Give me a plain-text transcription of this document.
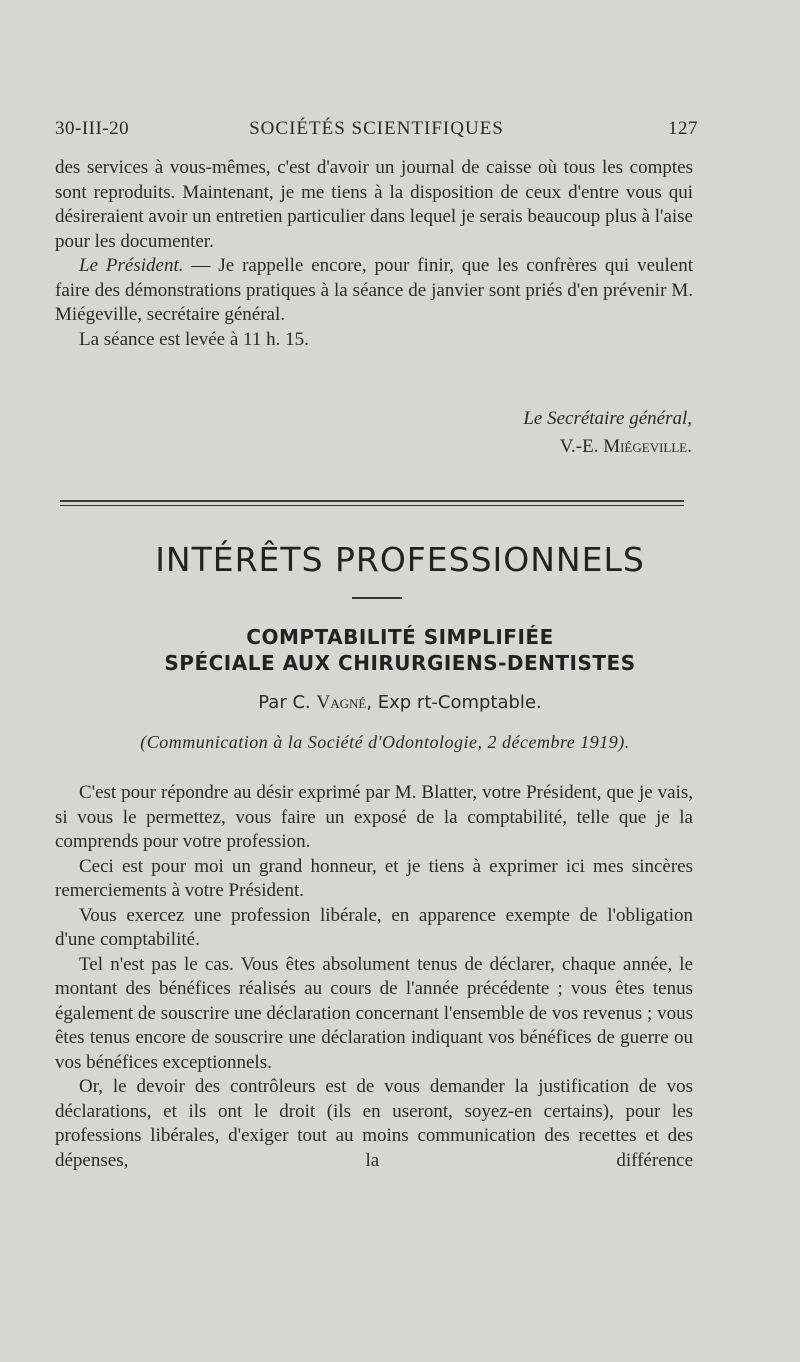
30-III-20	SOCIÉTÉS SCIENTIFIQUES	127

des services à vous-mêmes, c'est d'avoir un journal de caisse où tous les comptes sont reproduits. Maintenant, je me tiens à la disposition de ceux d'entre vous qui désireraient avoir un entretien particulier dans lequel je serais beaucoup plus à l'aise pour les documenter.

Le Président. — Je rappelle encore, pour finir, que les confrères qui veulent faire des démonstrations pratiques à la séance de janvier sont priés d'en prévenir M. Miégeville, secrétaire général.

La séance est levée à 11 h. 15.

Le Secrétaire général,
V.-E. Miégeville.
INTÉRÊTS PROFESSIONNELS
COMPTABILITÉ SIMPLIFIÉE
SPÉCIALE AUX CHIRURGIENS-DENTISTES
Par C. Vagné, Exp rt-Comptable.
(Communication à la Société d'Odontologie, 2 décembre 1919).

C'est pour répondre au désir exprimé par M. Blatter, votre Président, que je vais, si vous le permettez, vous faire un exposé de la comptabilité, telle que je la comprends pour votre profession.

Ceci est pour moi un grand honneur, et je tiens à exprimer ici mes sincères remerciements à votre Président.

Vous exercez une profession libérale, en apparence exempte de l'obligation d'une comptabilité.

Tel n'est pas le cas. Vous êtes absolument tenus de déclarer, chaque année, le montant des bénéfices réalisés au cours de l'année précédente ; vous êtes tenus également de souscrire une déclaration concernant l'ensemble de vos revenus ; vous êtes tenus encore de souscrire une déclaration indiquant vos bénéfices de guerre ou vos bénéfices exceptionnels.

Or, le devoir des contrôleurs est de vous demander la justification de vos déclarations, et ils ont le droit (ils en useront, soyez-en certains), pour les professions libérales, d'exiger tout au moins communication des recettes et des dépenses, la différence
